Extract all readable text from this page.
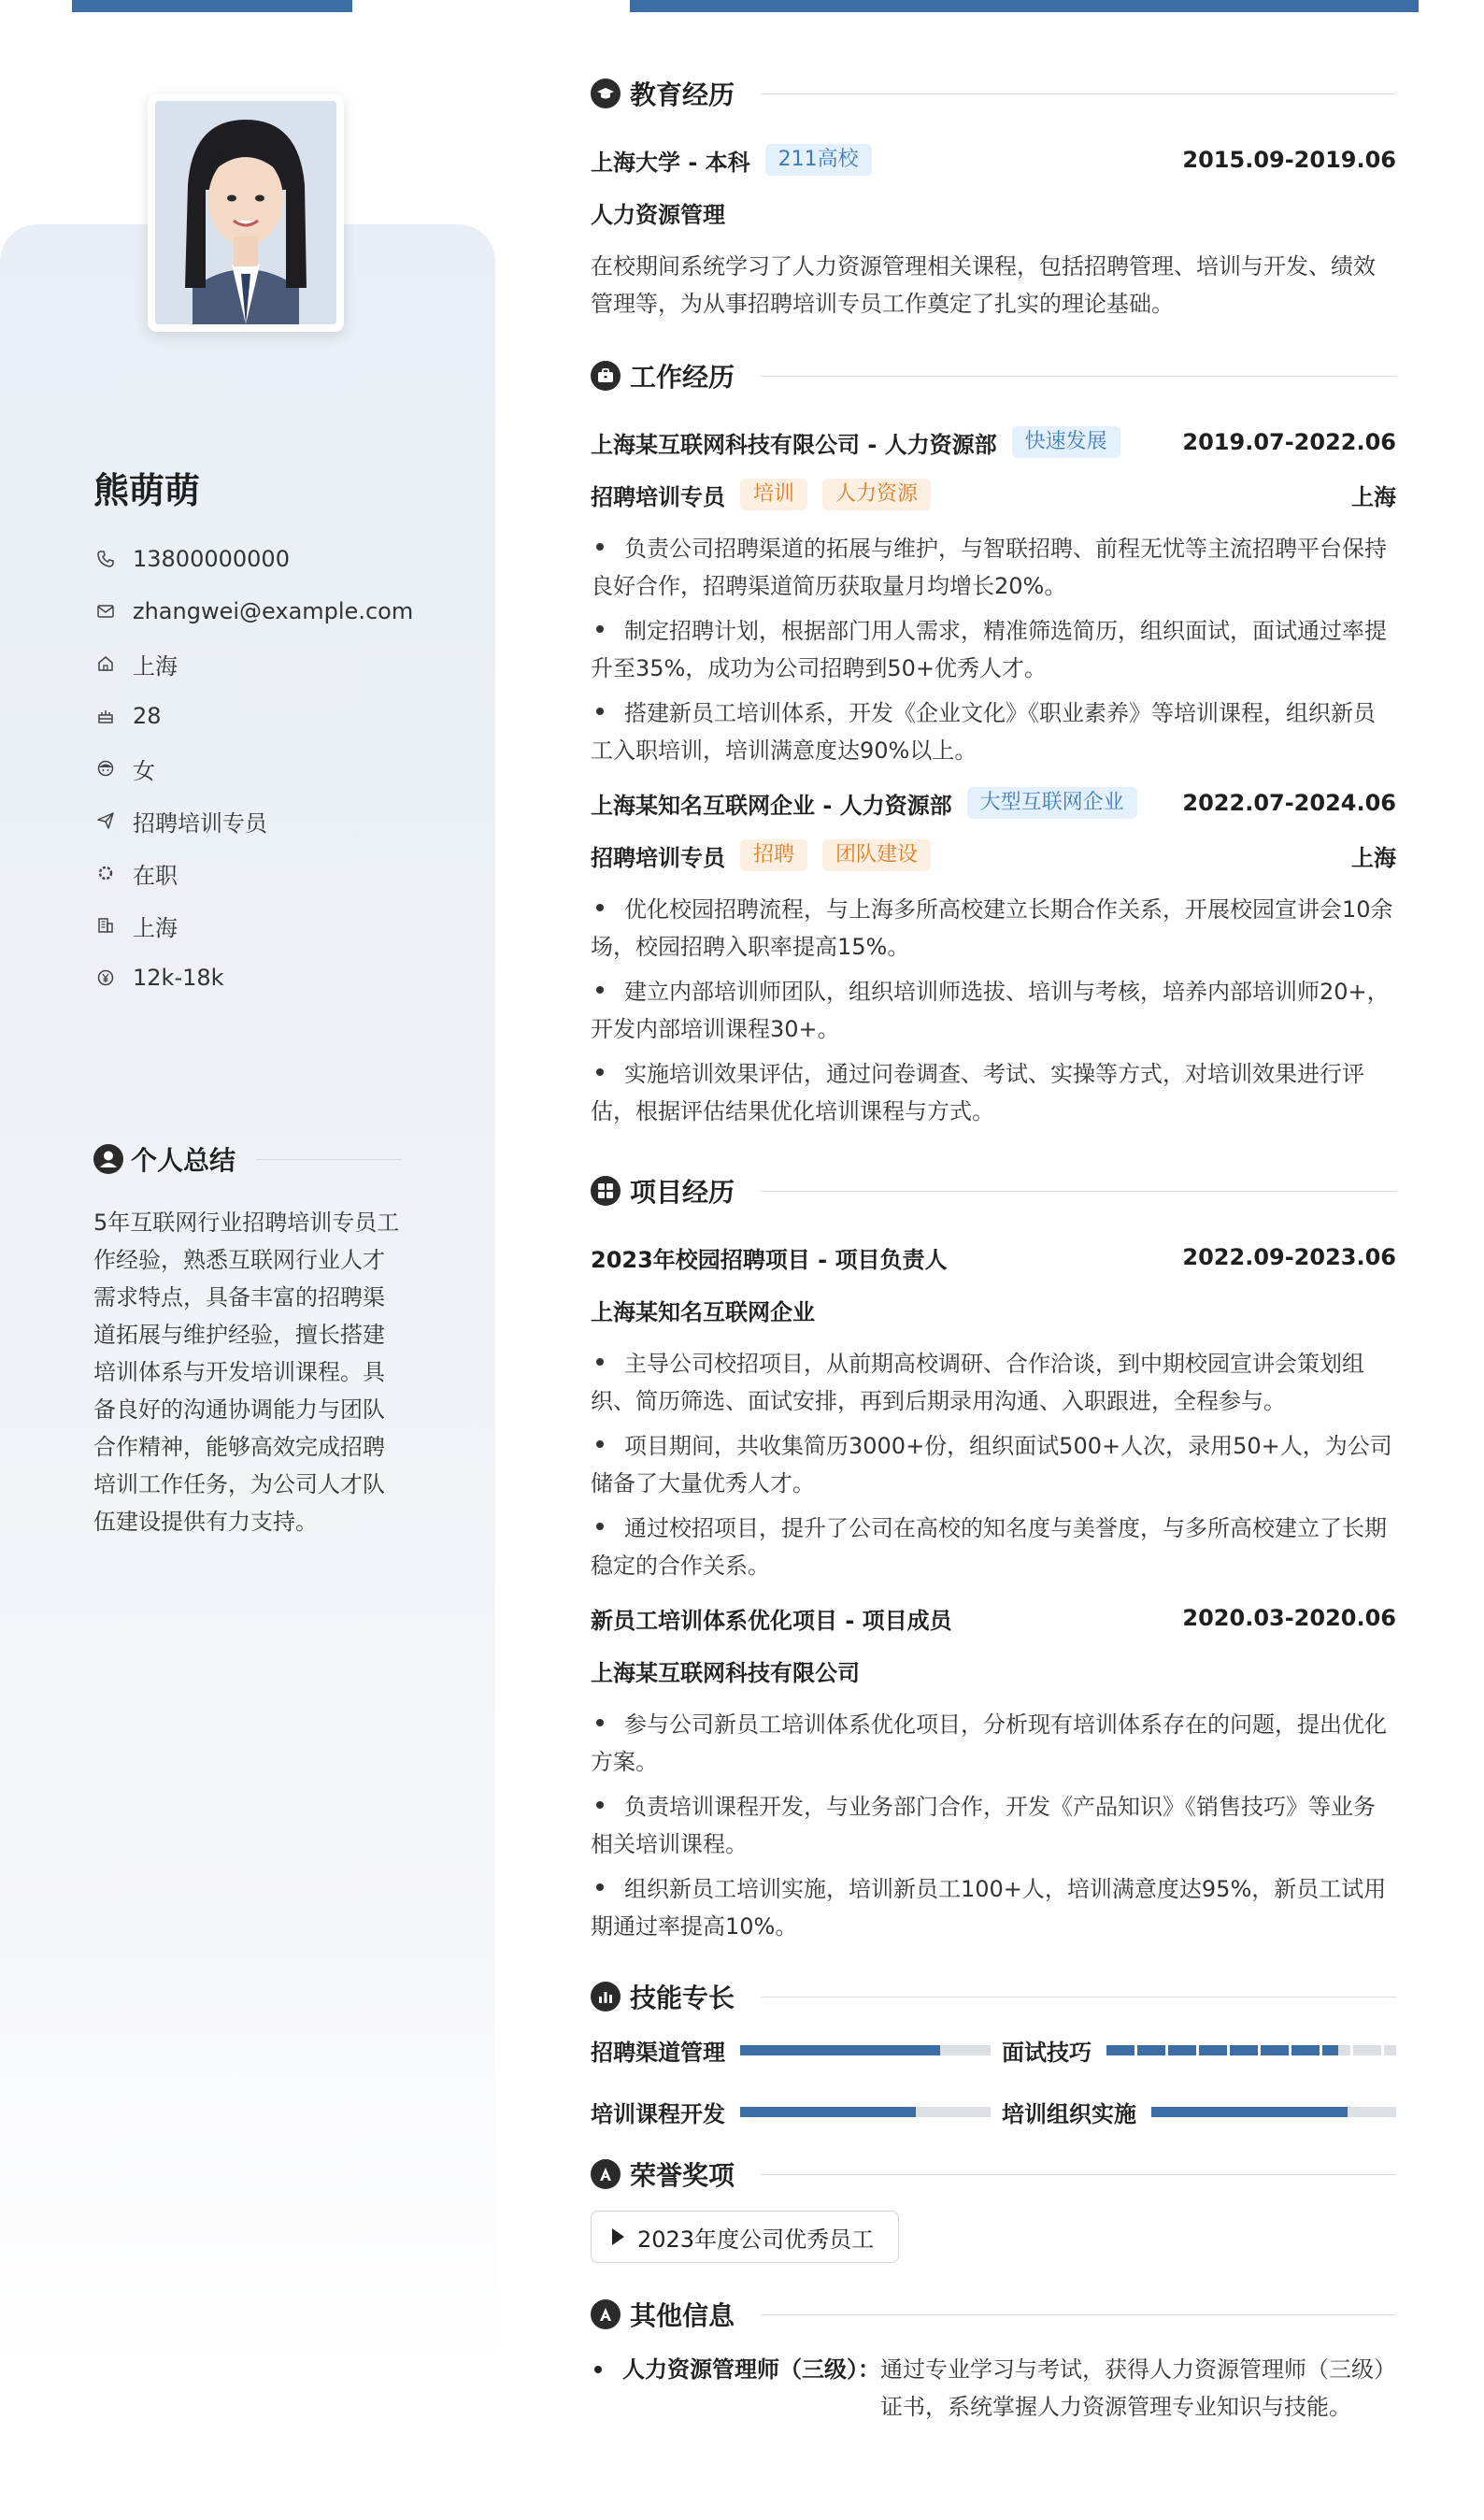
熊萌萌
13800000000
zhangwei@example.com
上海
28
女
招聘培训专员
在职
上海
12k-18k
个人总结
5年互联网行业招聘培训专员工作经验，熟悉互联网行业人才需求特点，具备丰富的招聘渠道拓展与维护经验，擅长搭建培训体系与开发培训课程。具备良好的沟通协调能力与团队合作精神，能够高效完成招聘培训工作任务，为公司人才队伍建设提供有力支持。
教育经历
上海大学 - 本科	211高校	2015.09-2019.06
人力资源管理
在校期间系统学习了人力资源管理相关课程，包括招聘管理、培训与开发、绩效管理等，为从事招聘培训专员工作奠定了扎实的理论基础。
工作经历
上海某互联网科技有限公司 - 人力资源部	快速发展	2019.07-2022.06
招聘培训专员	培训	人力资源	上海
负责公司招聘渠道的拓展与维护，与智联招聘、前程无忧等主流招聘平台保持良好合作，招聘渠道简历获取量月均增长20%。
制定招聘计划，根据部门用人需求，精准筛选简历，组织面试，面试通过率提升至35%，成功为公司招聘到50+优秀人才。
搭建新员工培训体系，开发《企业文化》《职业素养》等培训课程，组织新员工入职培训，培训满意度达90%以上。
上海某知名互联网企业 - 人力资源部	大型互联网企业	2022.07-2024.06
招聘培训专员	招聘	团队建设	上海
优化校园招聘流程，与上海多所高校建立长期合作关系，开展校园宣讲会10余场，校园招聘入职率提高15%。
建立内部培训师团队，组织培训师选拔、培训与考核，培养内部培训师20+，开发内部培训课程30+。
实施培训效果评估，通过问卷调查、考试、实操等方式，对培训效果进行评估，根据评估结果优化培训课程与方式。
项目经历
2023年校园招聘项目 - 项目负责人	2022.09-2023.06
上海某知名互联网企业
主导公司校招项目，从前期高校调研、合作洽谈，到中期校园宣讲会策划组织、简历筛选、面试安排，再到后期录用沟通、入职跟进，全程参与。
项目期间，共收集简历3000+份，组织面试500+人次，录用50+人，为公司储备了大量优秀人才。
通过校招项目，提升了公司在高校的知名度与美誉度，与多所高校建立了长期稳定的合作关系。
新员工培训体系优化项目 - 项目成员	2020.03-2020.06
上海某互联网科技有限公司
参与公司新员工培训体系优化项目，分析现有培训体系存在的问题，提出优化方案。
负责培训课程开发，与业务部门合作，开发《产品知识》《销售技巧》等业务相关培训课程。
组织新员工培训实施，培训新员工100+人，培训满意度达95%，新员工试用期通过率提高10%。
技能专长
招聘渠道管理	面试技巧
培训课程开发	培训组织实施
荣誉奖项
2023年度公司优秀员工
其他信息
人力资源管理师（三级）： 通过专业学习与考试，获得人力资源管理师（三级）证书，系统掌握人力资源管理专业知识与技能。
